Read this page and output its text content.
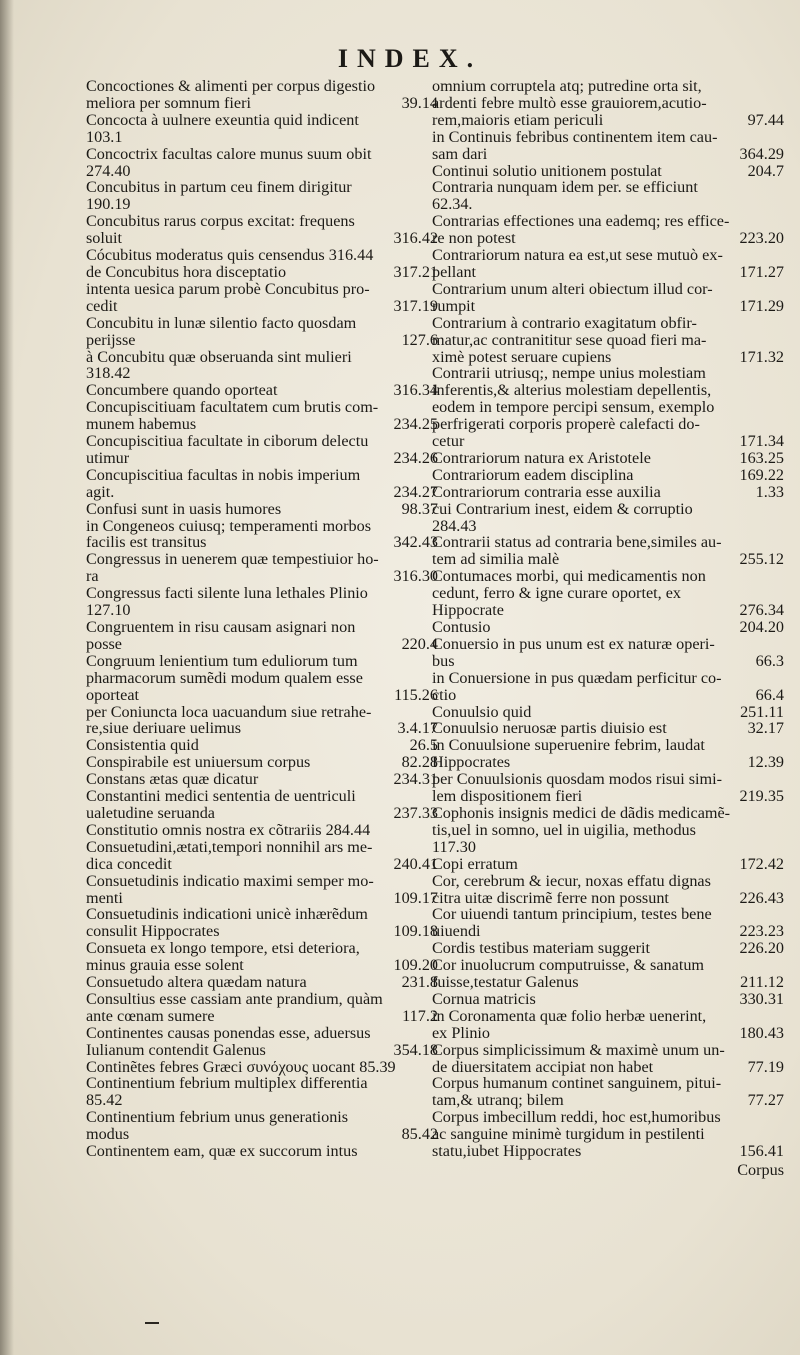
INDEX.

Concoctiones & alimenti per corpus digestio
39.14
meliora per somnum fieri

Concocta à uulnere exeuntia quid indicent
103.1

Concoctrix facultas calore munus suum obit
274.40

Concubitus in partum ceu finem dirigitur
190.19

Concubitus rarus corpus excitat: frequens
316.42
soluit

Cócubitus moderatus quis censendus 316.44

317.21
de Concubitus hora disceptatio

intenta uesica parum probè Concubitus pro-
317.19
cedit

Concubitu in lunæ silentio facto quosdam
127.6
perijsse

à Concubitu quæ obseruanda sint mulieri
318.42

316.34
Concumbere quando oporteat

Concupiscitiuam facultatem cum brutis com-
234.25
munem habemus

Concupiscitiua facultate in ciborum delectu
234.26
utimur

Concupiscitiua facultas in nobis imperium
234.27
agit.

98.37
Confusi sunt in uasis humores

in Congeneos cuiusq; temperamenti morbos
342.43
facilis est transitus

Congressus in uenerem quæ tempestiuior ho-
316.30
ra

Congressus facti silente luna lethales Plinio
127.10

Congruentem in risu causam asignari non
220.4
posse

Congruum lenientium tum eduliorum tum
pharmacorum sumẽdi modum qualem esse
115.26
oporteat

per Coniuncta loca uacuandum siue retrahe-
3.4.17
re,siue deriuare uelimus

26.5
Consistentia quid

82.28
Conspirabile est uniuersum corpus

234.31
Constans ætas quæ dicatur

Constantini medici sententia de uentriculi
237.33
ualetudine seruanda

Constitutio omnis nostra ex cõtrariis 284.44

Consuetudini,ætati,tempori nonnihil ars me-
240.41
dica concedit

Consuetudinis indicatio maximi semper mo-
109.17
menti

Consuetudinis indicationi unicè inhærẽdum
109.18
consulit Hippocrates

Consueta ex longo tempore, etsi deteriora,
109.20
minus grauia esse solent

231.8
Consuetudo altera quædam natura

Consultius esse cassiam ante prandium, quàm
117.2
ante cœnam sumere

Continentes causas ponendas esse, aduersus
354.18
Iulianum contendit Galenus

Continẽtes febres Græci συνόχους uocant 85.39

Continentium febrium multiplex differentia
85.42

Continentium febrium unus generationis
85.42
modus

Continentem eam, quæ ex succorum intus

omnium corruptela atq; putredine orta sit,
ardenti febre multò esse grauiorem,acutio-
97.44
rem,maioris etiam periculi

in Continuis febribus continentem item cau-
364.29
sam dari

204.7
Continui solutio unitionem postulat

Contraria nunquam idem per. se efficiunt
62.34.

Contrarias effectiones una eademq; res effice-
223.20
re non potest

Contrariorum natura ea est,ut sese mutuò ex-
171.27
pellant

Contrarium unum alteri obiectum illud cor-
171.29
rumpit

Contrarium à contrario exagitatum obfir-
matur,ac contranititur sese quoad fieri ma-
171.32
ximè potest seruare cupiens

Contrarii utriusq;, nempe unius molestiam
inferentis,& alterius molestiam depellentis,
eodem in tempore percipi sensum, exemplo
perfrigerati corporis properè calefacti do-
171.34
cetur

163.25
Contrariorum natura ex Aristotele

169.22
Contrariorum eadem disciplina

1.33
Contrariorum contraria esse auxilia

cui Contrarium inest, eidem & corruptio
284.43

Contrarii status ad contraria bene,similes au-
255.12
tem ad similia malè

Contumaces morbi, qui medicamentis non
cedunt, ferro & igne curare oportet, ex
276.34
Hippocrate

204.20
Contusio

Conuersio in pus unum est ex naturæ operi-
66.3
bus

in Conuersione in pus quædam perficitur co-
66.4
ctio

251.11
Conuulsio quid

32.17
Conuulsio neruosæ partis diuisio est

in Conuulsione superuenire febrim, laudat
12.39
Hippocrates

per Conuulsionis quosdam modos risui simi-
219.35
lem dispositionem fieri

Cophonis insignis medici de dãdis medicamẽ-
tis,uel in somno, uel in uigilia, methodus
117.30

172.42
Copi erratum

Cor, cerebrum & iecur, noxas effatu dignas
226.43
citra uitæ discrimẽ ferre non possunt

Cor uiuendi tantum principium, testes bene
223.23
uiuendi

226.20
Cordis testibus materiam suggerit

Cor inuolucrum computruisse, & sanatum
211.12
fuisse,testatur Galenus

330.31
Cornua matricis

in Coronamenta quæ folio herbæ uenerint,
180.43
ex Plinio

Corpus simplicissimum & maximè unum un-
77.19
de diuersitatem accipiat non habet

Corpus humanum continet sanguinem, pitui-
77.27
tam,& utranq; bilem

Corpus imbecillum reddi, hoc est,humoribus
ac sanguine minimè turgidum in pestilenti
156.41
statu,iubet Hippocrates

Corpus
